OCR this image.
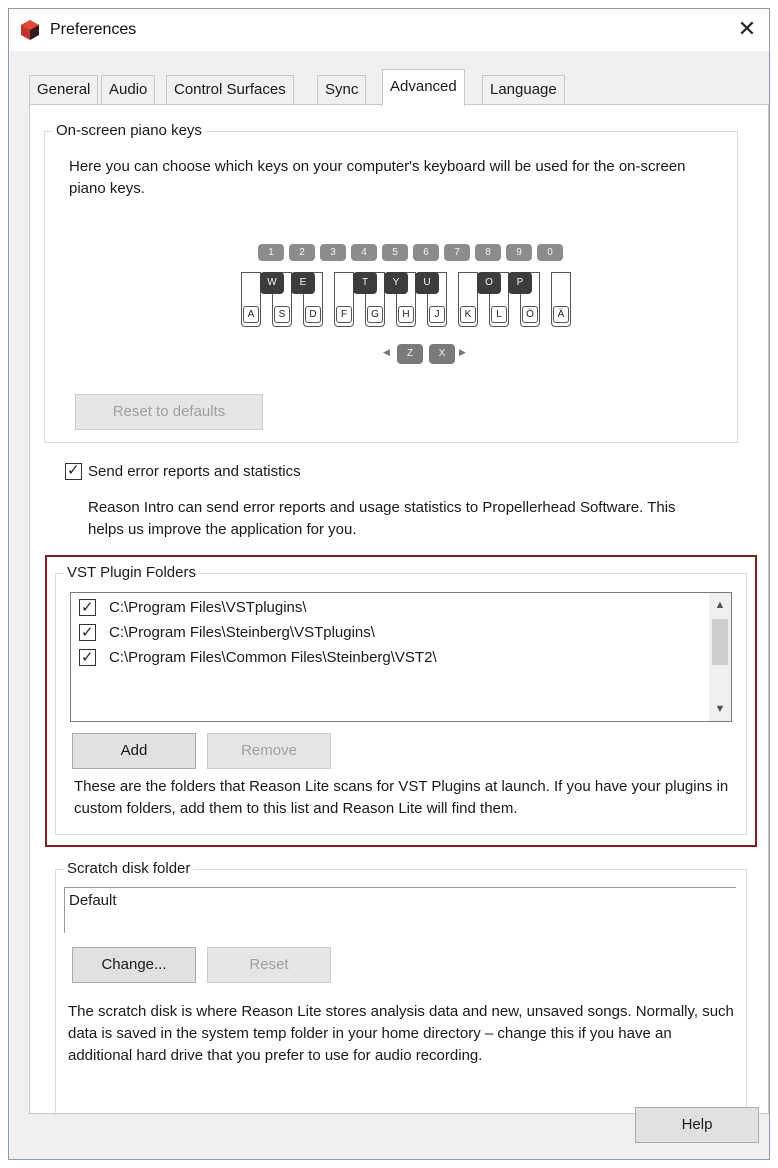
Preferences	✕
General	Audio	Control Surfaces	Sync	Advanced	Language
On-screen piano keys
Here you can choose which keys on your computer's keyboard will be used for the on-screen piano keys.
1	2	3	4	5	6	7	8	9	0
A	S	D	F	G	H	J	K	L	Ö	Ä
W	E	T	Y	U	O	P
◀	Z	X	▶
Reset to defaults
✓ Send error reports and statistics
Reason Intro can send error reports and usage statistics to Propellerhead Software. This helps us improve the application for you.
VST Plugin Folders
✓ C:\Program Files\VSTplugins\
✓ C:\Program Files\Steinberg\VSTplugins\
✓ C:\Program Files\Common Files\Steinberg\VST2\
▲
▼
Add	Remove
These are the folders that Reason Lite scans for VST Plugins at launch. If you have your plugins in custom folders, add them to this list and Reason Lite will find them.
Scratch disk folder
Default
Change...	Reset
The scratch disk is where Reason Lite stores analysis data and new, unsaved songs. Normally, such data is saved in the system temp folder in your home directory – change this if you have an additional hard drive that you prefer to use for audio recording.
Help
